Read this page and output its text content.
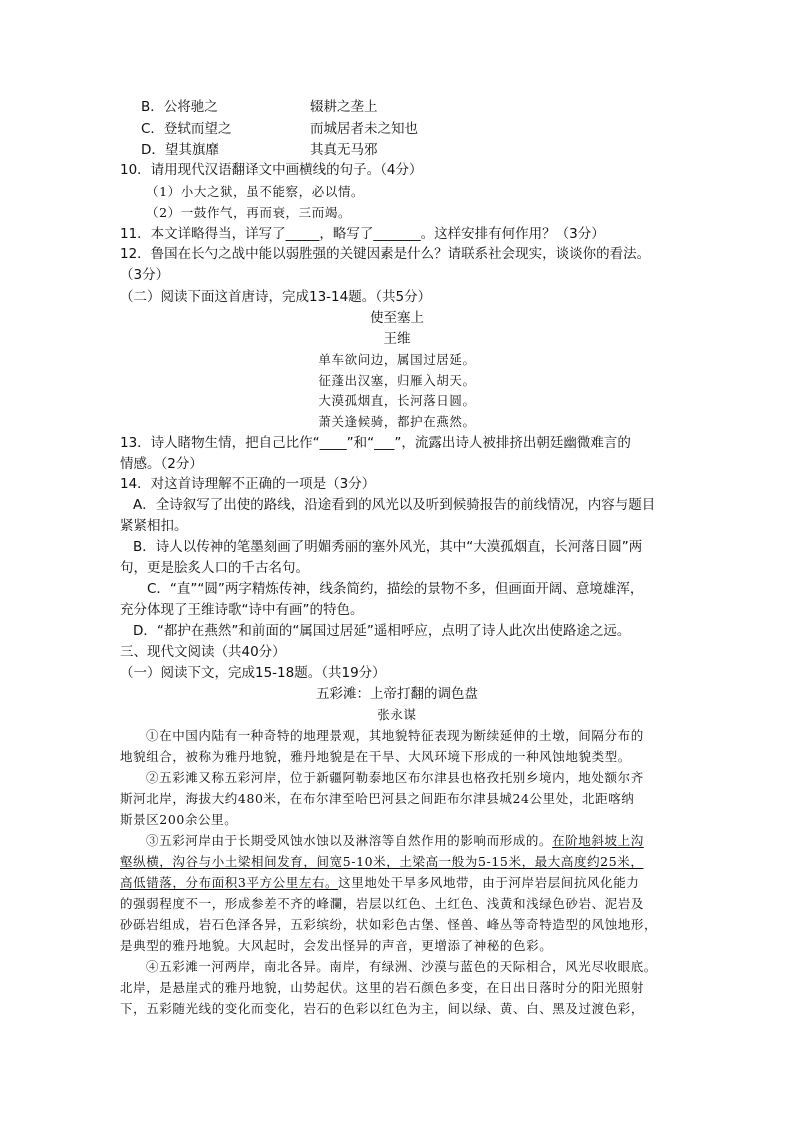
B．公将驰之	辍耕之垄上
C．登轼而望之	而城居者未之知也
D．望其旗靡	其真无马邪
10．请用现代汉语翻译文中画横线的句子。（4分）
（1）小大之狱，虽不能察，必以情。
（2）一鼓作气，再而衰，三而竭。
11．本文详略得当，详写了_____，略写了_______。这样安排有何作用？（3分）
12．鲁国在长勺之战中能以弱胜强的关键因素是什么？请联系社会现实，谈谈你的看法。
（3分）
（二）阅读下面这首唐诗，完成13-14题。（共5分）
使至塞上
王维
单车欲问边，属国过居延。
征蓬出汉塞，归雁入胡天。
大漠孤烟直，长河落日圆。
萧关逢候骑，都护在燕然。
13．诗人睹物生情，把自己比作“____”和“___”，流露出诗人被排挤出朝廷幽微难言的
情感。（2分）
14．对这首诗理解不正确的一项是（3分）
A．全诗叙写了出使的路线，沿途看到的风光以及听到候骑报告的前线情况，内容与题目
紧紧相扣。
B．诗人以传神的笔墨刻画了明媚秀丽的塞外风光，其中“大漠孤烟直，长河落日圆”两
句，更是脍炙人口的千古名句。
C．“直”“圆”两字精炼传神，线条简约，描绘的景物不多，但画面开阔、意境雄浑，
充分体现了王维诗歌“诗中有画”的特色。
D．“都护在燕然”和前面的“属国过居延”遥相呼应，点明了诗人此次出使路途之远。
三、现代文阅读（共40分）
（一）阅读下文，完成15-18题。（共19分）
五彩滩：上帝打翻的调色盘
张永谋
①在中国内陆有一种奇特的地理景观，其地貌特征表现为断续延伸的土墩，间隔分布的
地貌组合，被称为雅丹地貌，雅丹地貌是在干旱、大风环境下形成的一种风蚀地貌类型。
②五彩滩又称五彩河岸，位于新疆阿勒泰地区布尔津县也格孜托别乡境内，地处额尔齐
斯河北岸，海拔大约480米，在布尔津至哈巴河县之间距布尔津县城24公里处，北距喀纳
斯景区200余公里。
③五彩河岸由于长期受风蚀水蚀以及淋溶等自然作用的影响而形成的。在阶地斜坡上沟
壑纵横，沟谷与小土梁相间发育，间宽5-10米，土梁高一般为5-15米，最大高度约25米，
高低错落，分布面积3平方公里左右。这里地处干旱多风地带，由于河岸岩层间抗风化能力
的强弱程度不一，形成参差不齐的峰瀾，岩层以红色、土红色、浅黄和浅绿色砂岩、泥岩及
砂砾岩组成，岩石色泽各异，五彩缤纷，状如彩色古堡、怪兽、峰丛等奇特造型的风蚀地形，
是典型的雅丹地貌。大风起时，会发出怪异的声音，更增添了神秘的色彩。
④五彩滩一河两岸，南北各异。南岸，有绿洲、沙漠与蓝色的天际相合，风光尽收眼底。
北岸，是悬崖式的雅丹地貌，山势起伏。这里的岩石颜色多变，在日出日落时分的阳光照射
下，五彩随光线的变化而变化，岩石的色彩以红色为主，间以绿、黄、白、黑及过渡色彩，
